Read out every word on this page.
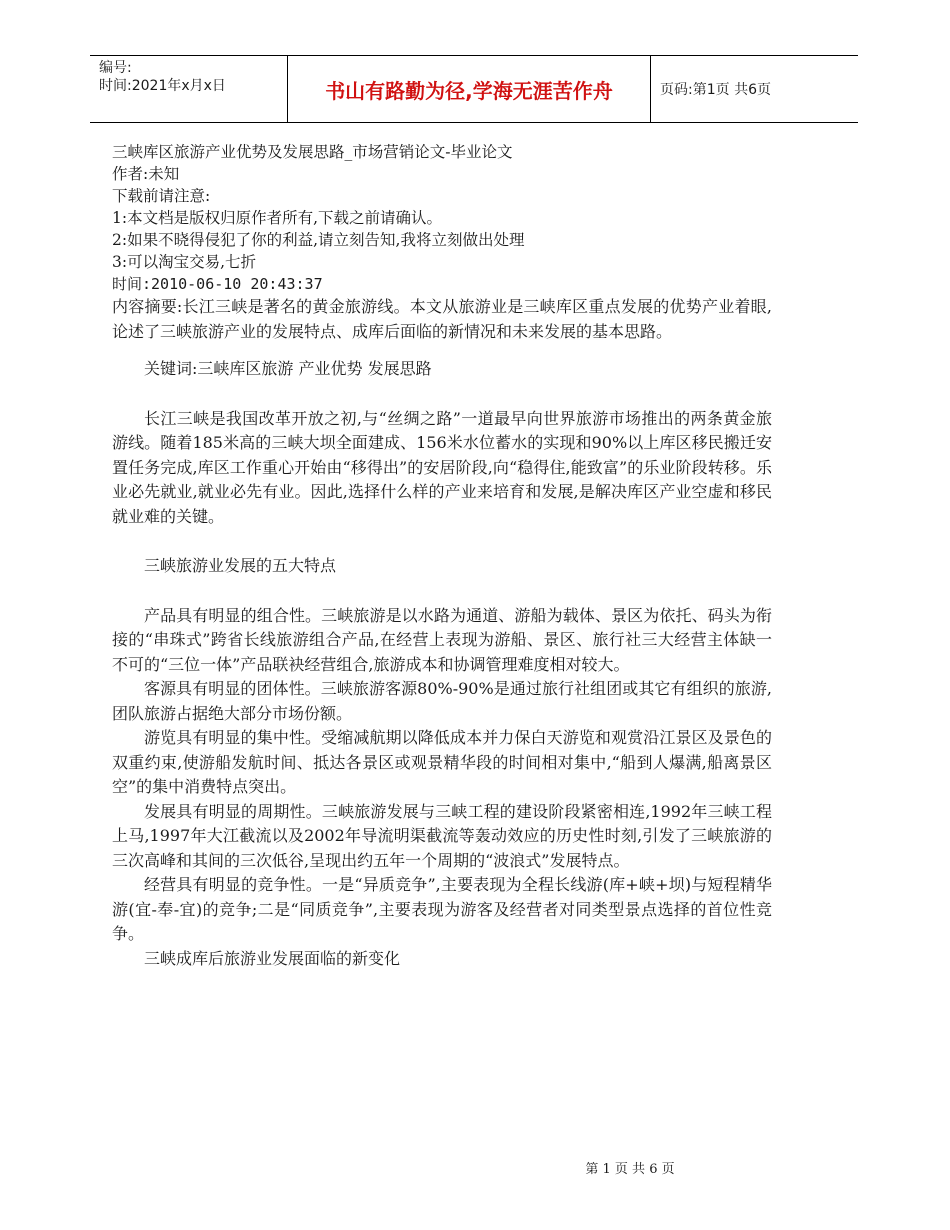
编号:
时间:2021年x月x日	书山有路勤为径,学海无涯苦作舟	页码:第1页 共6页
三峡库区旅游产业优势及发展思路_市场营销论文-毕业论文
作者:未知
下载前请注意:
1:本文档是版权归原作者所有,下载之前请确认。
2:如果不晓得侵犯了你的利益,请立刻告知,我将立刻做出处理
3:可以淘宝交易,七折
时间:2010-06-10 20:43:37
内容摘要:长江三峡是著名的黄金旅游线。本文从旅游业是三峡库区重点发展的优势产业着眼,论述了三峡旅游产业的发展特点、成库后面临的新情况和未来发展的基本思路。
关键词:三峡库区旅游 产业优势 发展思路
长江三峡是我国改革开放之初,与“丝绸之路”一道最早向世界旅游市场推出的两条黄金旅游线。随着185米高的三峡大坝全面建成、156米水位蓄水的实现和90%以上库区移民搬迁安置任务完成,库区工作重心开始由“移得出”的安居阶段,向“稳得住,能致富”的乐业阶段转移。乐业必先就业,就业必先有业。因此,选择什么样的产业来培育和发展,是解决库区产业空虚和移民就业难的关键。
三峡旅游业发展的五大特点
产品具有明显的组合性。三峡旅游是以水路为通道、游船为载体、景区为依托、码头为衔接的“串珠式”跨省长线旅游组合产品,在经营上表现为游船、景区、旅行社三大经营主体缺一不可的“三位一体”产品联袂经营组合,旅游成本和协调管理难度相对较大。
客源具有明显的团体性。三峡旅游客源80%-90%是通过旅行社组团或其它有组织的旅游,团队旅游占据绝大部分市场份额。
游览具有明显的集中性。受缩减航期以降低成本并力保白天游览和观赏沿江景区及景色的双重约束,使游船发航时间、抵达各景区或观景精华段的时间相对集中,“船到人爆满,船离景区空”的集中消费特点突出。
发展具有明显的周期性。三峡旅游发展与三峡工程的建设阶段紧密相连,1992年三峡工程上马,1997年大江截流以及2002年导流明渠截流等轰动效应的历史性时刻,引发了三峡旅游的三次高峰和其间的三次低谷,呈现出约五年一个周期的“波浪式”发展特点。
经营具有明显的竞争性。一是“异质竞争”,主要表现为全程长线游(库+峡+坝)与短程精华游(宜-奉-宜)的竞争;二是“同质竞争”,主要表现为游客及经营者对同类型景点选择的首位性竞争。
三峡成库后旅游业发展面临的新变化
第 1 页 共 6 页
